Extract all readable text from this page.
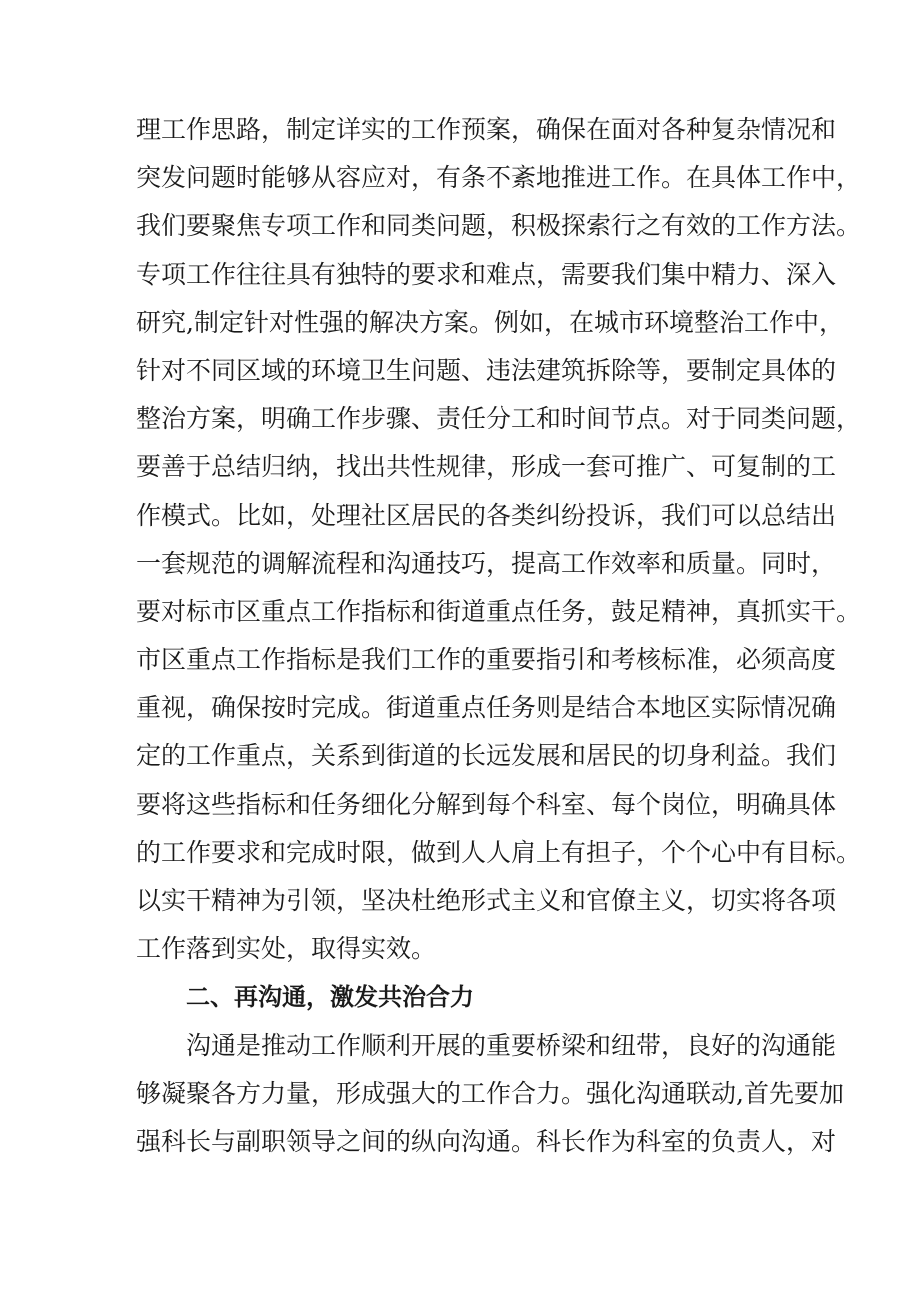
理工作思路，制定详实的工作预案，确保在面对各种复杂情况和
突发问题时能够从容应对，有条不紊地推进工作。在具体工作中，
我们要聚焦专项工作和同类问题，积极探索行之有效的工作方法。
专项工作往往具有独特的要求和难点，需要我们集中精力、深入
研究,制定针对性强的解决方案。例如，在城市环境整治工作中，
针对不同区域的环境卫生问题、违法建筑拆除等，要制定具体的
整治方案，明确工作步骤、责任分工和时间节点。对于同类问题，
要善于总结归纳，找出共性规律，形成一套可推广、可复制的工
作模式。比如，处理社区居民的各类纠纷投诉，我们可以总结出
一套规范的调解流程和沟通技巧，提高工作效率和质量。同时，
要对标市区重点工作指标和街道重点任务，鼓足精神，真抓实干。
市区重点工作指标是我们工作的重要指引和考核标准，必须高度
重视，确保按时完成。街道重点任务则是结合本地区实际情况确
定的工作重点，关系到街道的长远发展和居民的切身利益。我们
要将这些指标和任务细化分解到每个科室、每个岗位，明确具体
的工作要求和完成时限，做到人人肩上有担子，个个心中有目标。
以实干精神为引领，坚决杜绝形式主义和官僚主义，切实将各项
工作落到实处，取得实效。
二、再沟通，激发共治合力
沟通是推动工作顺利开展的重要桥梁和纽带，良好的沟通能
够凝聚各方力量，形成强大的工作合力。强化沟通联动,首先要加
强科长与副职领导之间的纵向沟通。科长作为科室的负责人，对
